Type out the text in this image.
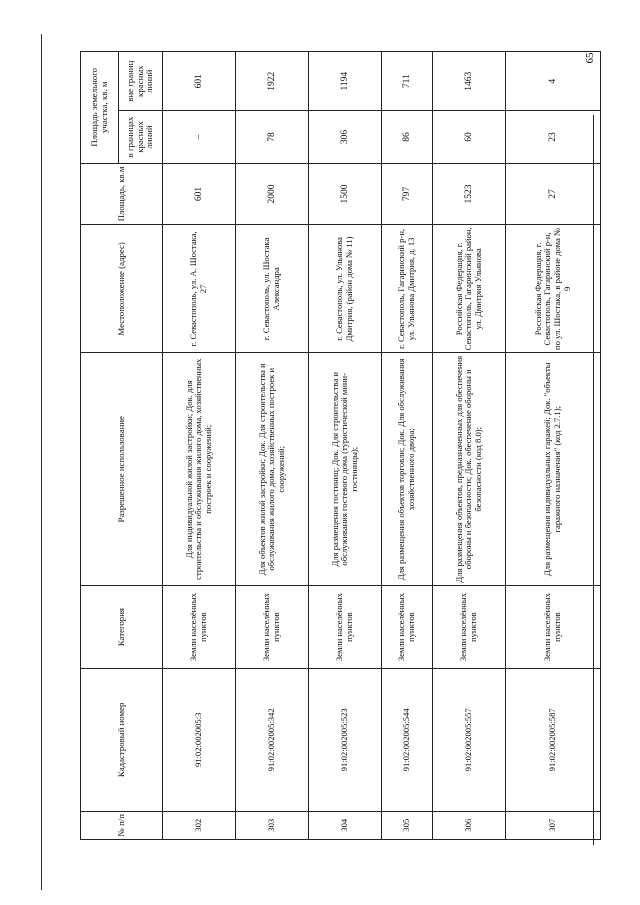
65
№ п/п	Кадастровый номер	Категория	Разрешенное использование	Местоположение (адрес)	Площадь, кв.м	Площадь земельного участка, кв. м	
						в границах красных линий	вне границ красных линий
302	91:02:002005:3	Земли населённых пунктов	Для индивидуальной жилой застройки; Док. для строительства и обслуживания жилого дома, хозяйственных построек и сооружений;	г. Севастополь, ул. А. Шостака, 27	601	–	601
303	91:02:002005:342	Земли населённых пунктов	Для объектов жилой застройки; Док. Для строительства и обслуживания жилого дома, хозяйственных построек и сооружений;	г. Севастополь, ул. Шостака Александра	2000	78	1922
304	91:02:002005:523	Земли населённых пунктов	Для размещения гостиниц; Док. Для строительства и обслуживания гостевого дома (туристической мини-гостиницы);	г. Севастополь, ул. Ульянова Дмитрия, (район дома № 11)	1500	306	1194
305	91:02:002005:544	Земли населённых пунктов	Для размещения объектов торговли; Док. Для обслуживания хозяйственного двора;	г. Севастополь, Гагаринский р-н, ул. Ульянова Дмитрия, д. 13	797	86	711
306	91:02:002005:557	Земли населённых пунктов	Для размещения объектов, предназначенных для обеспечения обороны и безопасности; Док. обеспечение обороны и безопасности (код 8.0);	Российская Федерация, г. Севастополь, Гагаринский район, ул. Дмитрия Ульянова	1523	60	1463
307	91:02:002005:587	Земли населённых пунктов	Для размещения индивидуальных гаражей; Док. "объекты гаражного назначения" (код 2.7.1);	Российская Федерация, г. Севастополь, Гагаринский р-н, по ул. Шостака, в районе дома № 9	27	23	4
